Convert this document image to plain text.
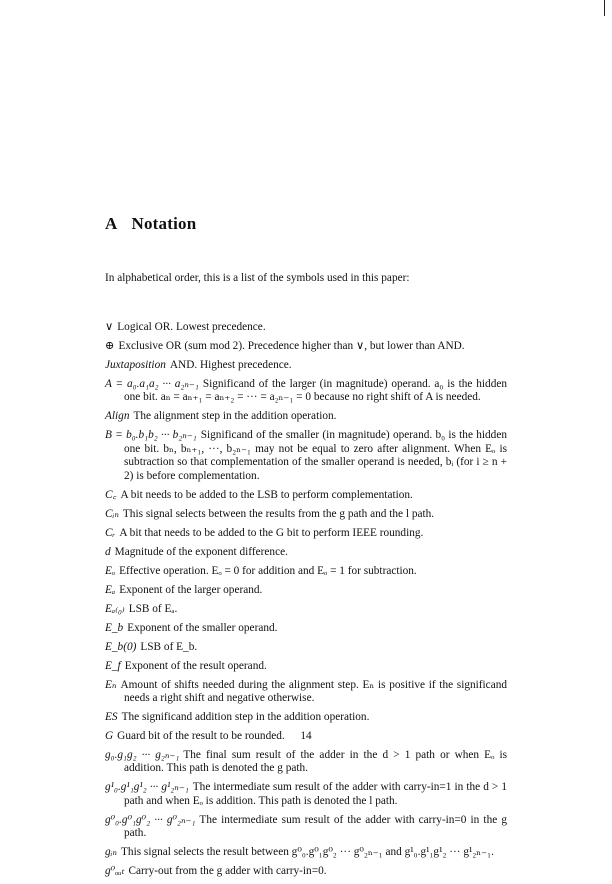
A Notation

In alphabetical order, this is a list of the symbols used in this paper:

∨ Logical OR. Lowest precedence.

⊕ Exclusive OR (sum mod 2). Precedence higher than ∨, but lower than AND.

Juxtaposition AND. Highest precedence.

A = a₀.a₁a₂ ··· a₂ₙ₋₁ Significand of the larger (in magnitude) operand. a₀ is the hidden one bit. aₙ = aₙ₊₁ = aₙ₊₂ = ··· = a₂ₙ₋₁ = 0 because no right shift of A is needed.

Align The alignment step in the addition operation.

B = b₀.b₁b₂ ··· b₂ₙ₋₁ Significand of the smaller (in magnitude) operand. b₀ is the hidden one bit. bₙ, bₙ₊₁, ···, b₂ₙ₋₁ may not be equal to zero after alignment. When Eₒ is subtraction so that complementation of the smaller operand is needed, bᵢ (for i ≥ n + 2) is before complementation.

C꜀ A bit needs to be added to the LSB to perform complementation.

Cᵢₙ This signal selects between the results from the g path and the l path.

Cᵣ A bit that needs to be added to the G bit to perform IEEE rounding.

d Magnitude of the exponent difference.

Eₒ Effective operation. Eₒ = 0 for addition and Eₒ = 1 for subtraction.

Eₐ Exponent of the larger operand.

Eₐ₍₀₎ LSB of Eₐ.

E_b Exponent of the smaller operand.

E_b(0) LSB of E_b.

E_f Exponent of the result operand.

Eₙ Amount of shifts needed during the alignment step. Eₙ is positive if the significand needs a right shift and negative otherwise.

ES The significand addition step in the addition operation.

G Guard bit of the result to be rounded.

g₀.g₁g₂ ··· g₂ₙ₋₁ The final sum result of the adder in the d > 1 path or when Eₒ is addition. This path is denoted the g path.

g¹₀.g¹₁g¹₂ ··· g¹₂ₙ₋₁ The intermediate sum result of the adder with carry-in=1 in the d > 1 path and when Eₒ is addition. This path is denoted the l path.

g⁰₀.g⁰₁g⁰₂ ··· g⁰₂ₙ₋₁ The intermediate sum result of the adder with carry-in=0 in the g path.

gᵢₙ This signal selects the result between g⁰₀.g⁰₁g⁰₂ ··· g⁰₂ₙ₋₁ and g¹₀.g¹₁g¹₂ ··· g¹₂ₙ₋₁.

g⁰ₒᵤₜ Carry-out from the g adder with carry-in=0.

14
